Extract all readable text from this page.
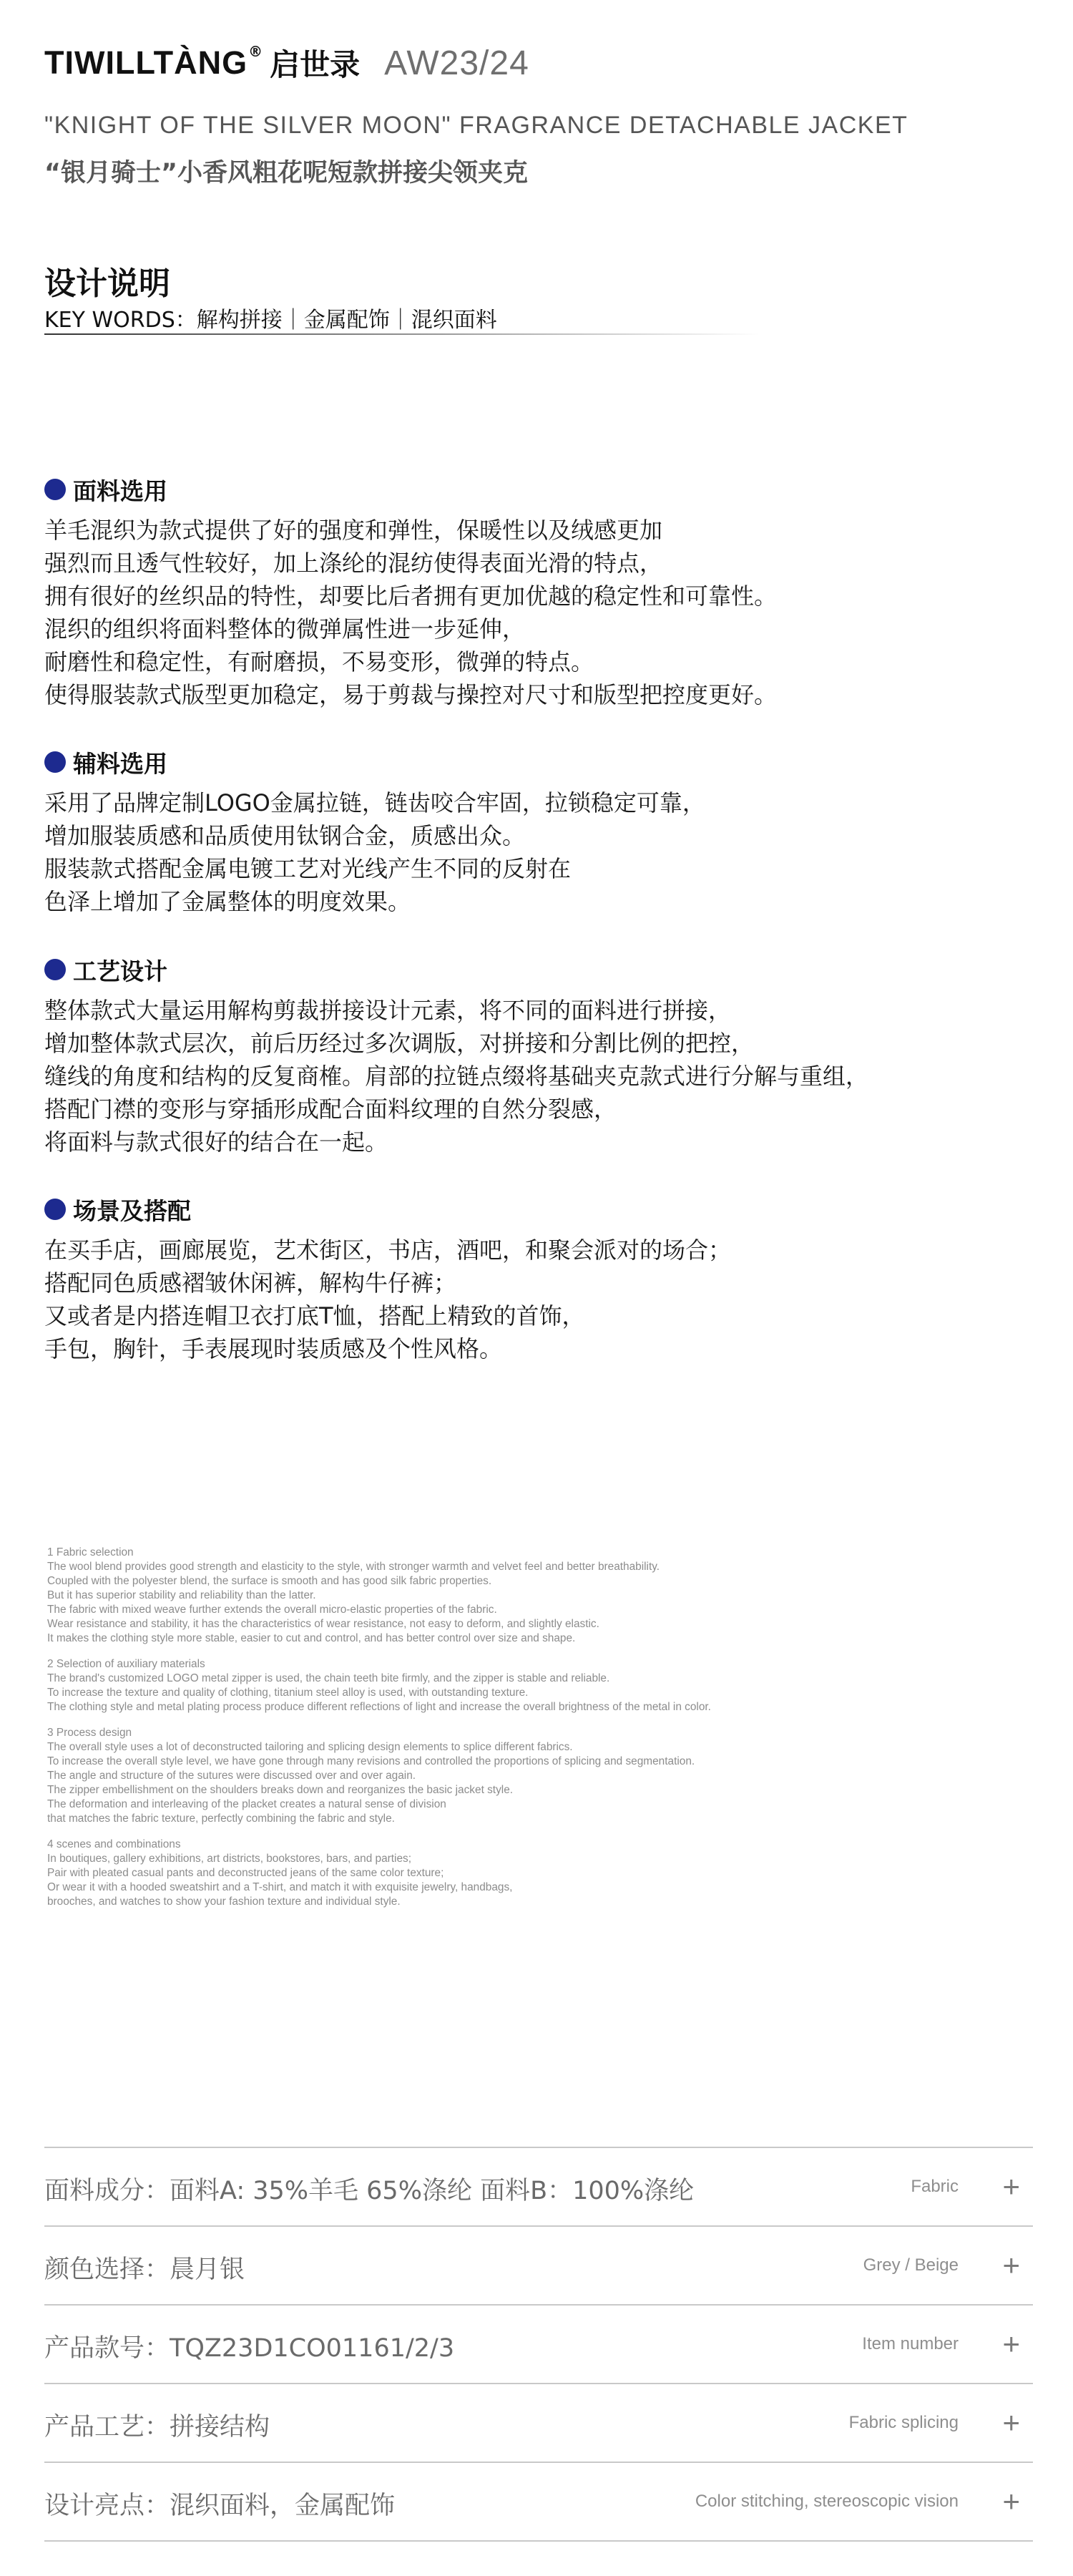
TIWILLTÀNG ® 启世录 AW23/24
"KNIGHT OF THE SILVER MOON" FRAGRANCE DETACHABLE JACKET
“银月骑士”小香风粗花呢短款拼接尖领夹克
设计说明
KEY WORDS：解构拼接｜金属配饰｜混织面料
面料选用
羊毛混织为款式提供了好的强度和弹性，保暖性以及绒感更加
强烈而且透气性较好，加上涤纶的混纺使得表面光滑的特点，
拥有很好的丝织品的特性，却要比后者拥有更加优越的稳定性和可靠性。
混织的组织将面料整体的微弹属性进一步延伸，
耐磨性和稳定性，有耐磨损，不易变形，微弹的特点。
使得服装款式版型更加稳定，易于剪裁与操控对尺寸和版型把控度更好。
辅料选用
采用了品牌定制LOGO金属拉链，链齿咬合牢固，拉锁稳定可靠，
增加服装质感和品质使用钛钢合金，质感出众。
服装款式搭配金属电镀工艺对光线产生不同的反射在
色泽上增加了金属整体的明度效果。
工艺设计
整体款式大量运用解构剪裁拼接设计元素，将不同的面料进行拼接，
增加整体款式层次，前后历经过多次调版，对拼接和分割比例的把控，
缝线的角度和结构的反复商榷。肩部的拉链点缀将基础夹克款式进行分解与重组，
搭配门襟的变形与穿插形成配合面料纹理的自然分裂感，
将面料与款式很好的结合在一起。
场景及搭配
在买手店，画廊展览，艺术街区，书店，酒吧，和聚会派对的场合；
搭配同色质感褶皱休闲裤，解构牛仔裤；
又或者是内搭连帽卫衣打底T恤，搭配上精致的首饰，
手包，胸针，手表展现时装质感及个性风格。
1 Fabric selection
The wool blend provides good strength and elasticity to the style, with stronger warmth and velvet feel and better breathability.
Coupled with the polyester blend, the surface is smooth and has good silk fabric properties.
But it has superior stability and reliability than the latter.
The fabric with mixed weave further extends the overall micro-elastic properties of the fabric.
Wear resistance and stability, it has the characteristics of wear resistance, not easy to deform, and slightly elastic.
It makes the clothing style more stable, easier to cut and control, and has better control over size and shape.
2 Selection of auxiliary materials
The brand's customized LOGO metal zipper is used, the chain teeth bite firmly, and the zipper is stable and reliable.
To increase the texture and quality of clothing, titanium steel alloy is used, with outstanding texture.
The clothing style and metal plating process produce different reflections of light and increase the overall brightness of the metal in color.
3 Process design
The overall style uses a lot of deconstructed tailoring and splicing design elements to splice different fabrics.
To increase the overall style level, we have gone through many revisions and controlled the proportions of splicing and segmentation.
The angle and structure of the sutures were discussed over and over again.
The zipper embellishment on the shoulders breaks down and reorganizes the basic jacket style.
The deformation and interleaving of the placket creates a natural sense of division
that matches the fabric texture, perfectly combining the fabric and style.
4 scenes and combinations
In boutiques, gallery exhibitions, art districts, bookstores, bars, and parties;
Pair with pleated casual pants and deconstructed jeans of the same color texture;
Or wear it with a hooded sweatshirt and a T-shirt, and match it with exquisite jewelry, handbags,
brooches, and watches to show your fashion texture and individual style.
面料成分：面料A: 35%羊毛 65%涤纶 面料B：100%涤纶	Fabric +
颜色选择：晨月银	Grey / Beige +
产品款号：TQZ23D1CO01161/2/3	Item number +
产品工艺：拼接结构	Fabric splicing +
设计亮点：混织面料，金属配饰	Color stitching, stereoscopic vision +
